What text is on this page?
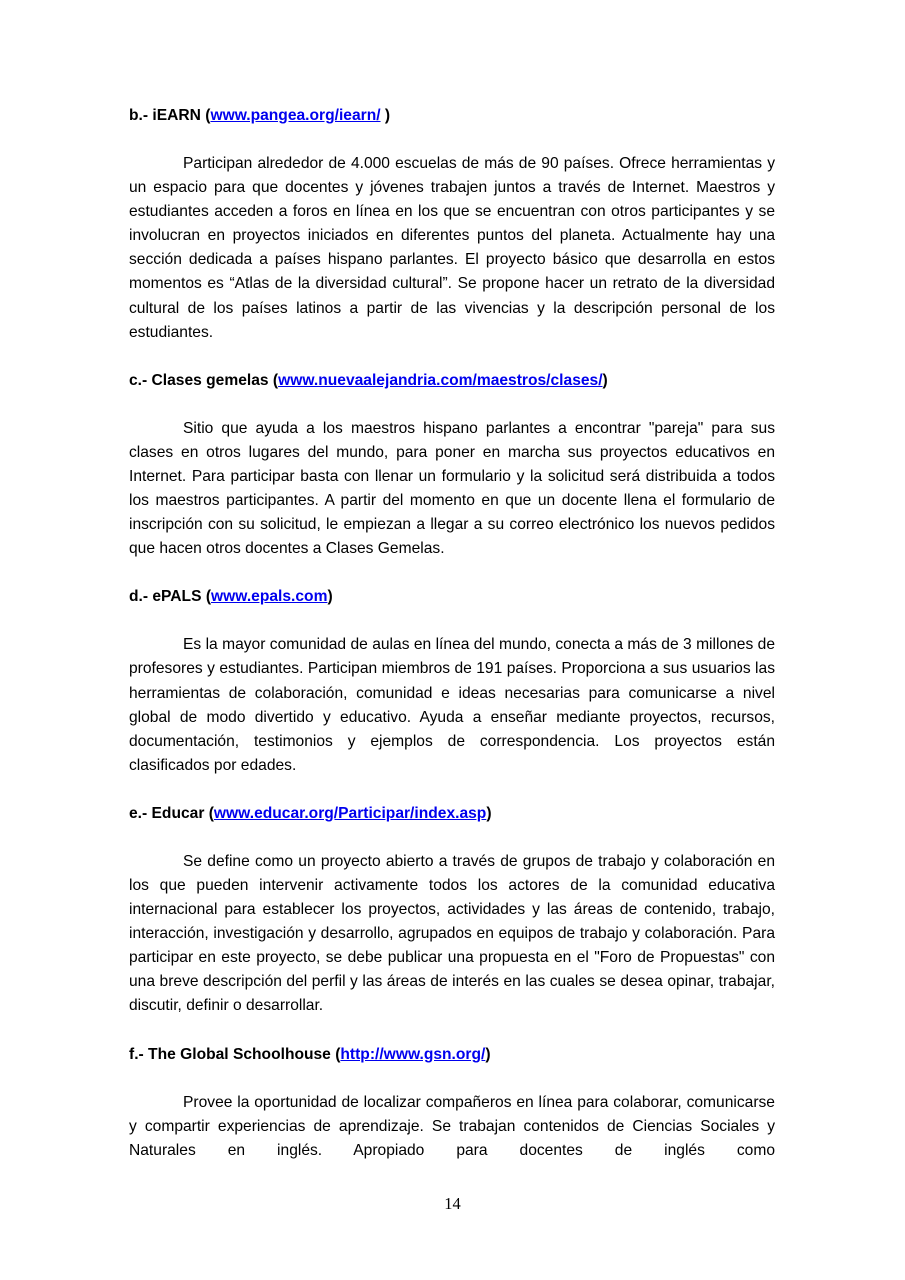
b.- iEARN (www.pangea.org/iearn/ )

Participan alrededor de 4.000 escuelas de más de 90 países. Ofrece herramientas y un espacio para que docentes y jóvenes trabajen juntos a través de Internet. Maestros y estudiantes acceden a foros en línea en los que se encuentran con otros participantes y se involucran en proyectos iniciados en diferentes puntos del planeta. Actualmente hay una sección dedicada a países hispano parlantes. El proyecto básico que desarrolla en estos momentos es “Atlas de la diversidad cultural”. Se propone hacer un retrato de la diversidad cultural de los países latinos a partir de las vivencias y la descripción personal de los estudiantes.

c.- Clases gemelas (www.nuevaalejandria.com/maestros/clases/)

Sitio que ayuda a los maestros hispano parlantes a encontrar "pareja" para sus clases en otros lugares del mundo, para poner en marcha sus proyectos educativos en Internet. Para participar basta con llenar un formulario y la solicitud será distribuida a todos los maestros participantes. A partir del momento en que un docente llena el formulario de inscripción con su solicitud, le empiezan a llegar a su correo electrónico los nuevos pedidos que hacen otros docentes a Clases Gemelas.

d.- ePALS (www.epals.com)

Es la mayor comunidad de aulas en línea del mundo, conecta a más de 3 millones de profesores y estudiantes. Participan miembros de 191 países. Proporciona a sus usuarios las herramientas de colaboración, comunidad e ideas necesarias para comunicarse a nivel global de modo divertido y educativo. Ayuda a enseñar mediante proyectos, recursos, documentación, testimonios y ejemplos de correspondencia. Los proyectos están clasificados por edades.

e.- Educar (www.educar.org/Participar/index.asp)

Se define como un proyecto abierto a través de grupos de trabajo y colaboración en los que pueden intervenir activamente todos los actores de la comunidad educativa internacional para establecer los proyectos, actividades y las áreas de contenido, trabajo, interacción, investigación y desarrollo, agrupados en equipos de trabajo y colaboración. Para participar en este proyecto, se debe publicar una propuesta en el "Foro de Propuestas" con una breve descripción del perfil y las áreas de interés en las cuales se desea opinar, trabajar, discutir, definir o desarrollar.

f.- The Global Schoolhouse (http://www.gsn.org/)

Provee la oportunidad de localizar compañeros en línea para colaborar, comunicarse y compartir experiencias de aprendizaje. Se trabajan contenidos de Ciencias Sociales y Naturales en inglés. Apropiado para docentes de inglés como

14
